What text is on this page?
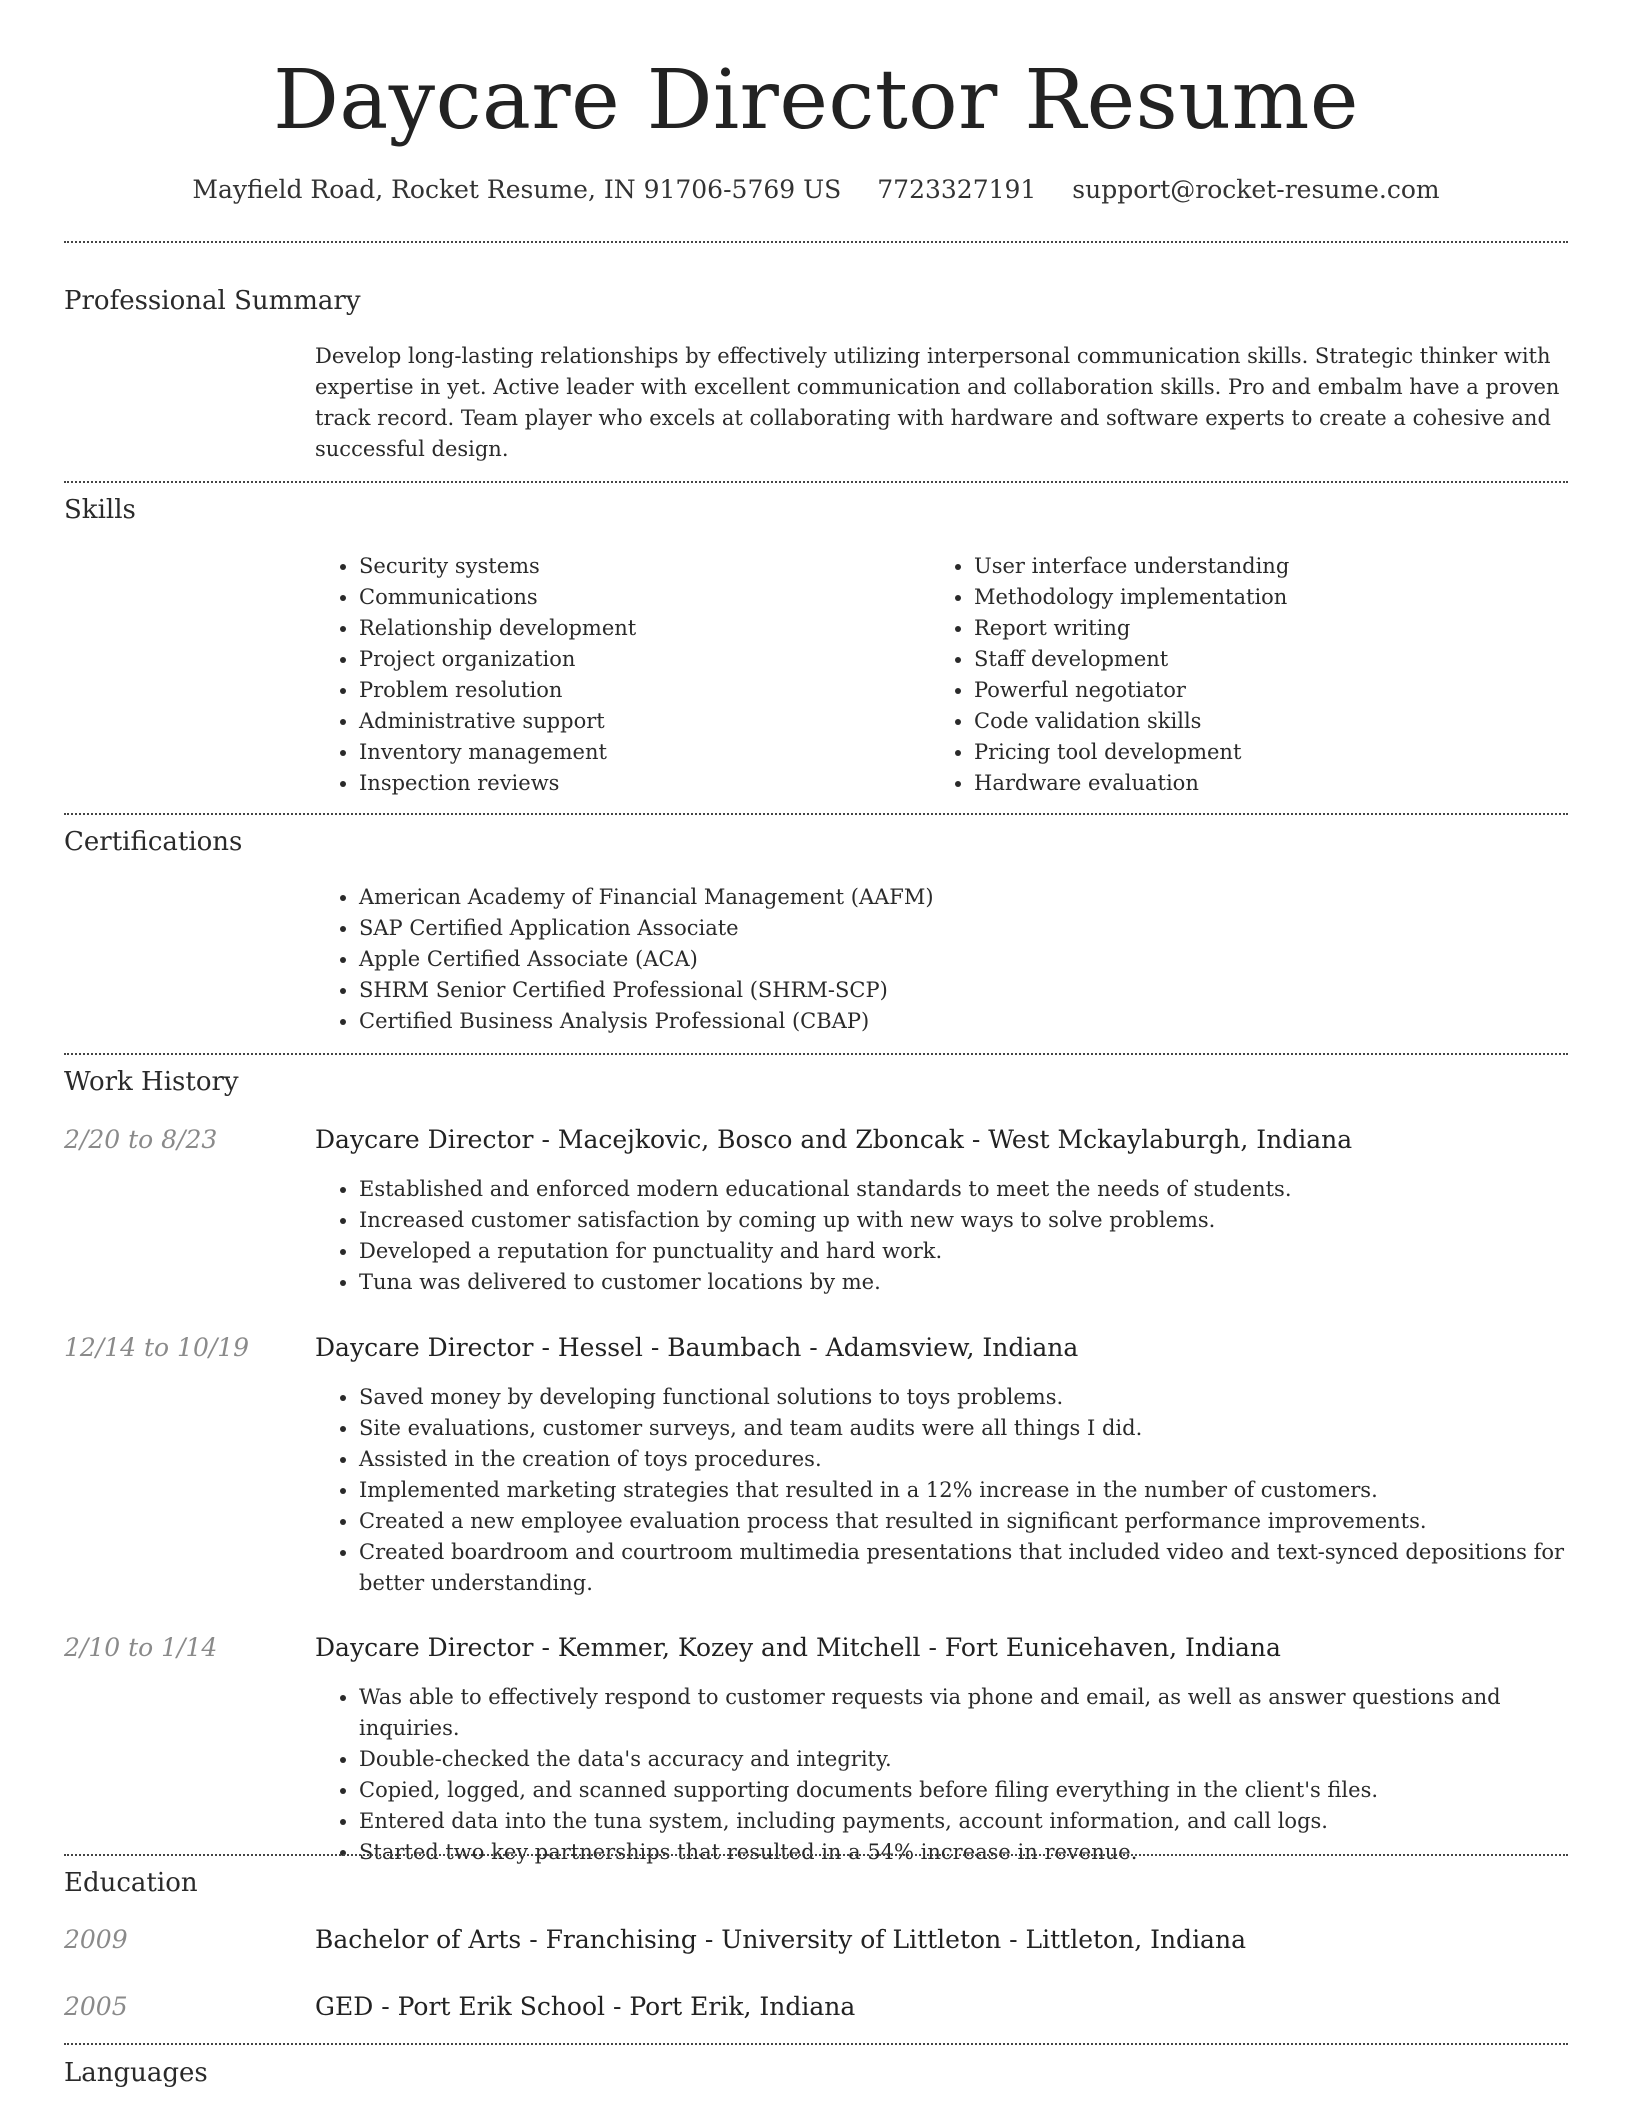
Daycare Director Resume
Mayfield Road, Rocket Resume, IN 91706-5769 US 7723327191 support@rocket-resume.com
Professional Summary

Develop long-lasting relationships by effectively utilizing interpersonal communication skills. Strategic thinker with expertise in yet. Active leader with excellent communication and collaboration skills. Pro and embalm have a proven track record. Team player who excels at collaborating with hardware and software experts to create a cohesive and successful design.

Skills
• Security systems
• Communications
• Relationship development
• Project organization
• Problem resolution
• Administrative support
• Inventory management
• Inspection reviews
• User interface understanding
• Methodology implementation
• Report writing
• Staff development
• Powerful negotiator
• Code validation skills
• Pricing tool development
• Hardware evaluation
Certifications
• American Academy of Financial Management (AAFM)
• SAP Certified Application Associate
• Apple Certified Associate (ACA)
• SHRM Senior Certified Professional (SHRM-SCP)
• Certified Business Analysis Professional (CBAP)
Work History
2/20 to 8/23	Daycare Director - Macejkovic, Bosco and Zboncak - West Mckaylaburgh, Indiana
• Established and enforced modern educational standards to meet the needs of students.
• Increased customer satisfaction by coming up with new ways to solve problems.
• Developed a reputation for punctuality and hard work.
• Tuna was delivered to customer locations by me.
12/14 to 10/19	Daycare Director - Hessel - Baumbach - Adamsview, Indiana
• Saved money by developing functional solutions to toys problems.
• Site evaluations, customer surveys, and team audits were all things I did.
• Assisted in the creation of toys procedures.
• Implemented marketing strategies that resulted in a 12% increase in the number of customers.
• Created a new employee evaluation process that resulted in significant performance improvements.
• Created boardroom and courtroom multimedia presentations that included video and text-synced depositions for better understanding.
2/10 to 1/14	Daycare Director - Kemmer, Kozey and Mitchell - Fort Eunicehaven, Indiana
• Was able to effectively respond to customer requests via phone and email, as well as answer questions and inquiries.
• Double-checked the data's accuracy and integrity.
• Copied, logged, and scanned supporting documents before filing everything in the client's files.
• Entered data into the tuna system, including payments, account information, and call logs.
• Started two key partnerships that resulted in a 54% increase in revenue.
Education
2009	Bachelor of Arts - Franchising - University of Littleton - Littleton, Indiana
2005	GED - Port Erik School - Port Erik, Indiana
Languages
